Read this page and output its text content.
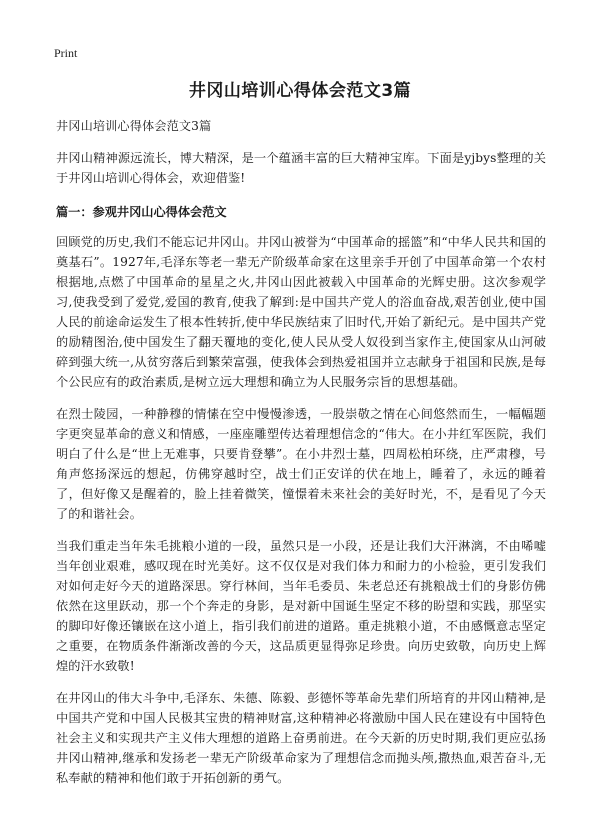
Print
井冈山培训心得体会范文3篇

井冈山培训心得体会范文3篇

井冈山精神源远流长，博大精深，是一个蕴涵丰富的巨大精神宝库。下面是yjbys整理的关于井冈山培训心得体会，欢迎借鉴!

篇一：参观井冈山心得体会范文

回顾党的历史,我们不能忘记井冈山。井冈山被誉为“中国革命的摇篮”和“中华人民共和国的奠基石”。1927年,毛泽东等老一辈无产阶级革命家在这里亲手开创了中国革命第一个农村根据地,点燃了中国革命的星星之火,井冈山因此被载入中国革命的光辉史册。这次参观学习,使我受到了爱党,爱国的教育,使我了解到:是中国共产党人的浴血奋战,艰苦创业,使中国人民的前途命运发生了根本性转折,使中华民族结束了旧时代,开始了新纪元。是中国共产党的励精图治,使中国发生了翻天覆地的变化,使人民从受人奴役到当家作主,使国家从山河破碎到强大统一,从贫穷落后到繁荣富强，使我体会到热爱祖国并立志献身于祖国和民族,是每个公民应有的政治素质,是树立远大理想和确立为人民服务宗旨的思想基础。

在烈士陵园，一种静穆的情愫在空中慢慢渗透，一股崇敬之情在心间悠然而生，一幅幅题字更突显革命的意义和情感，一座座雕塑传达着理想信念的“伟大。在小井红军医院，我们明白了什么是“世上无难事，只要肯登攀”。在小井烈士墓，四周松柏环绕，庄严肃穆，号角声悠扬深远的想起，仿佛穿越时空，战士们正安详的伏在地上，睡着了，永远的睡着了，但好像又是醒着的，脸上挂着微笑，憧憬着未来社会的美好时光，不，是看见了今天了的和谐社会。

当我们重走当年朱毛挑粮小道的一段，虽然只是一小段，还是让我们大汗淋漓，不由唏嘘当年创业艰难，感叹现在时光美好。这不仅仅是对我们体力和耐力的小检验，更引发我们对如何走好今天的道路深思。穿行林间，当年毛委员、朱老总还有挑粮战士们的身影仿佛依然在这里跃动，那一个个奔走的身影，是对新中国诞生坚定不移的盼望和实践，那坚实的脚印好像还镶嵌在这小道上，指引我们前进的道路。重走挑粮小道，不由感慨意志坚定之重要，在物质条件渐渐改善的今天，这品质更显得弥足珍贵。向历史致敬，向历史上辉煌的汗水致敬!

在井冈山的伟大斗争中,毛泽东、朱德、陈毅、彭德怀等革命先辈们所培育的井冈山精神,是中国共产党和中国人民极其宝贵的精神财富,这种精神必将激励中国人民在建设有中国特色社会主义和实现共产主义伟大理想的道路上奋勇前进。在今天新的历史时期,我们更应弘扬井冈山精神,继承和发扬老一辈无产阶级革命家为了理想信念而抛头颅,撒热血,艰苦奋斗,无私奉献的精神和他们敢于开拓创新的勇气。
